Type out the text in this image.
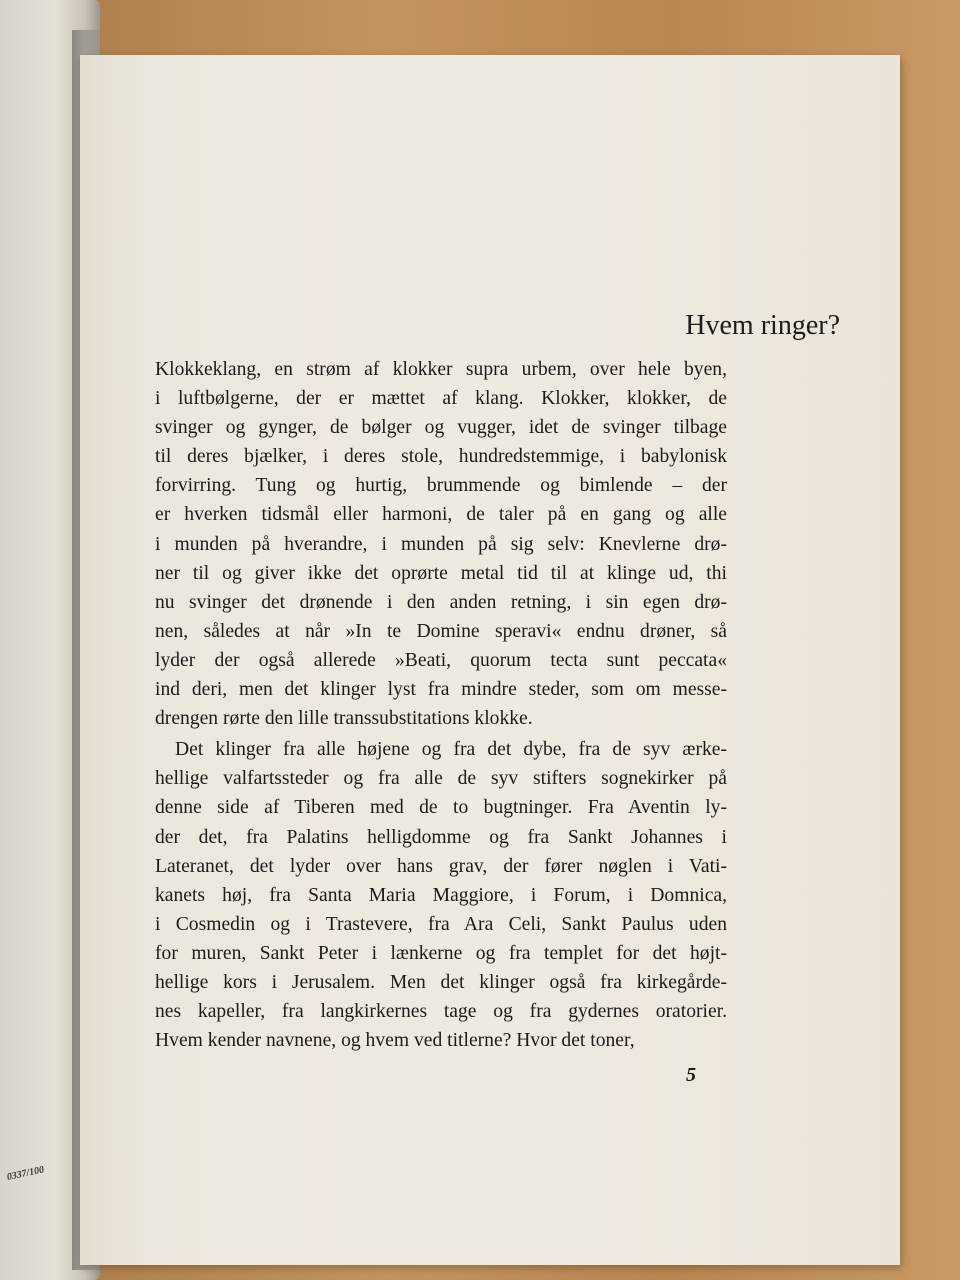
0337/100

Hvem ringer?

Klokkeklang, en strøm af klokker supra urbem, over hele byen,
i luftbølgerne, der er mættet af klang. Klokker, klokker, de
svinger og gynger, de bølger og vugger, idet de svinger tilbage
til deres bjælker, i deres stole, hundredstemmige, i babylonisk
forvirring. Tung og hurtig, brummende og bimlende – der
er hverken tidsmål eller harmoni, de taler på en gang og alle
i munden på hverandre, i munden på sig selv: Knevlerne drø-
ner til og giver ikke det oprørte metal tid til at klinge ud, thi
nu svinger det drønende i den anden retning, i sin egen drø-
nen, således at når »In te Domine speravi« endnu drøner, så
lyder der også allerede »Beati, quorum tecta sunt peccata«
ind deri, men det klinger lyst fra mindre steder, som om messe-
drengen rørte den lille transsubstitations klokke.

Det klinger fra alle højene og fra det dybe, fra de syv ærke-
hellige valfartssteder og fra alle de syv stifters sognekirker på
denne side af Tiberen med de to bugtninger. Fra Aventin ly-
der det, fra Palatins helligdomme og fra Sankt Johannes i
Lateranet, det lyder over hans grav, der fører nøglen i Vati-
kanets høj, fra Santa Maria Maggiore, i Forum, i Domnica,
i Cosmedin og i Trastevere, fra Ara Celi, Sankt Paulus uden
for muren, Sankt Peter i lænkerne og fra templet for det højt-
hellige kors i Jerusalem. Men det klinger også fra kirkegårde-
nes kapeller, fra langkirkernes tage og fra gydernes oratorier.
Hvem kender navnene, og hvem ved titlerne? Hvor det toner,

5
